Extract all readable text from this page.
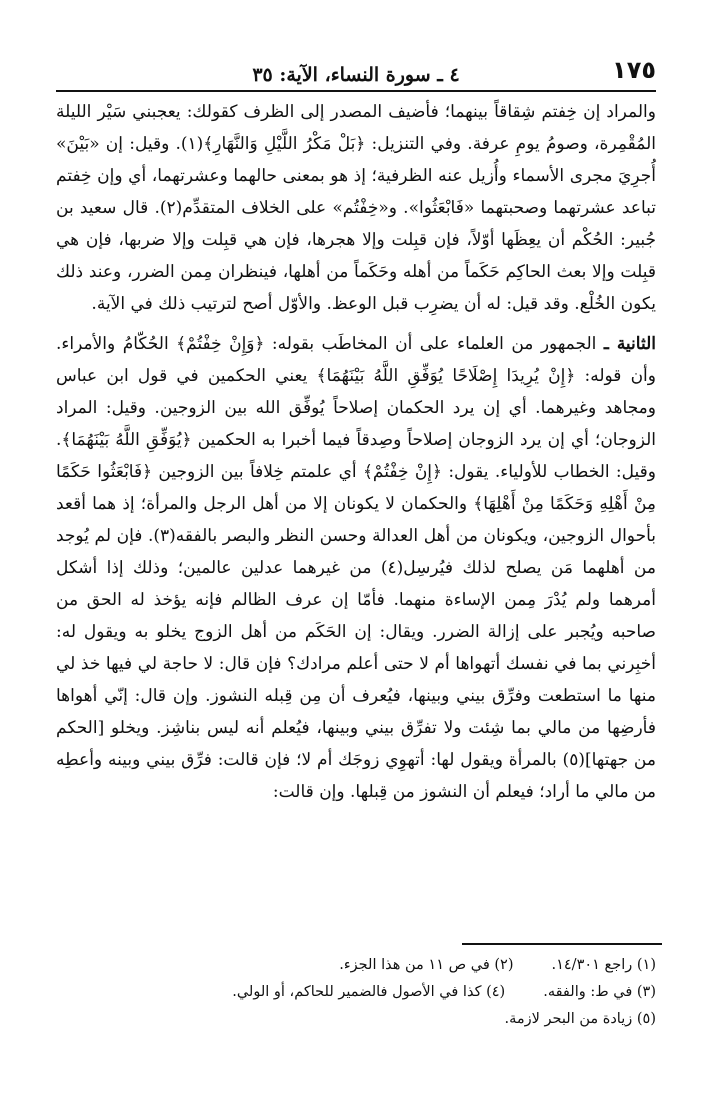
١٧٥
٤ ـ سورة النساء، الآية: ٣٥

والمراد إن خِفتم شِقاقاً بينهما؛ فأضيف المصدر إلى الظرف كقولك: يعجبني سَيْر الليلة المُقْمِرة، وصومُ يومِ عرفة. وفي التنزيل: ﴿بَلْ مَكْرُ اللَّيْلِ وَالنَّهَارِ﴾(١). وقيل: إن «بَيْنَ» أُجرِيَ مجرى الأسماء وأُزيل عنه الظرفية؛ إذ هو بمعنى حالهما وعشرتهما، أي وإن خِفتم تباعد عشرتهما وصحبتهما «فَابْعَثُوا». و«خِفْتُم» على الخلاف المتقدِّم(٢). قال سعيد بن جُبير: الحُكْم أن يعِظَها أوّلاً، فإن قبِلت وإلا هجرها، فإن هي قبِلت وإلا ضربها، فإن هي قبِلت وإلا بعث الحاكِم حَكَماً من أهله وحَكَماً من أهلها، فينظران مِمن الضرر، وعند ذلك يكون الخُلْع. وقد قيل: له أن يضرِب قبل الوعظ. والأوّل أصح لترتيب ذلك في الآية.

الثانية ـ الجمهور من العلماء على أن المخاطَب بقوله: ﴿وَإِنْ خِفْتُمْ﴾ الحُكّامُ والأمراء. وأن قوله: ﴿إِنْ يُرِيدَا إِصْلَاحًا يُوَفِّقِ اللَّهُ بَيْنَهُمَا﴾ يعني الحكمين في قول ابن عباس ومجاهد وغيرهما. أي إن يرد الحكمان إصلاحاً يُوفِّق الله بين الزوجين. وقيل: المراد الزوجان؛ أي إن يرد الزوجان إصلاحاً وصِدقاً فيما أخبرا به الحكمين ﴿يُوَفِّقِ اللَّهُ بَيْنَهُمَا﴾. وقيل: الخطاب للأولياء. يقول: ﴿إِنْ خِفْتُمْ﴾ أي علمتم خِلافاً بين الزوجين ﴿فَابْعَثُوا حَكَمًا مِنْ أَهْلِهِ وَحَكَمًا مِنْ أَهْلِهَا﴾ والحكمان لا يكونان إلا من أهل الرجل والمرأة؛ إذ هما أقعد بأحوال الزوجين، ويكونان من أهل العدالة وحسن النظر والبصر بالفقه(٣). فإن لم يُوجد من أهلهما مَن يصلح لذلك فيُرسِل(٤) من غيرهما عدلين عالمين؛ وذلك إذا أشكل أمرهما ولم يُدْرَ مِمن الإساءة منهما. فأمّا إن عرف الظالم فإنه يؤخذ له الحق من صاحبه ويُجبر على إزالة الضرر. ويقال: إن الحَكَم من أهل الزوج يخلو به ويقول له: أخبِرني بما في نفسك أتهواها أم لا حتى أعلم مرادك؟ فإن قال: لا حاجة لي فيها خذ لي منها ما استطعت وفرِّق بيني وبينها، فيُعرف أن مِن قِبله النشوز. وإن قال: إنّي أهواها فأرضِها من مالي بما شِئت ولا تفرِّق بيني وبينها، فيُعلم أنه ليس بناشِز. ويخلو [الحكم من جهتها](٥) بالمرأة ويقول لها: أتهوِي زوجَك أم لا؛ فإن قالت: فرِّق بيني وبينه وأعطِه من مالي ما أراد؛ فيعلم أن النشوز من قِبلها. وإن قالت:

(١) راجع ١٤/٣٠١.
(٢) في ص ١١ من هذا الجزء.
(٣) في ط: والفقه.
(٤) كذا في الأصول فالضمير للحاكم، أو الولي.
(٥) زيادة من البحر لازمة.
